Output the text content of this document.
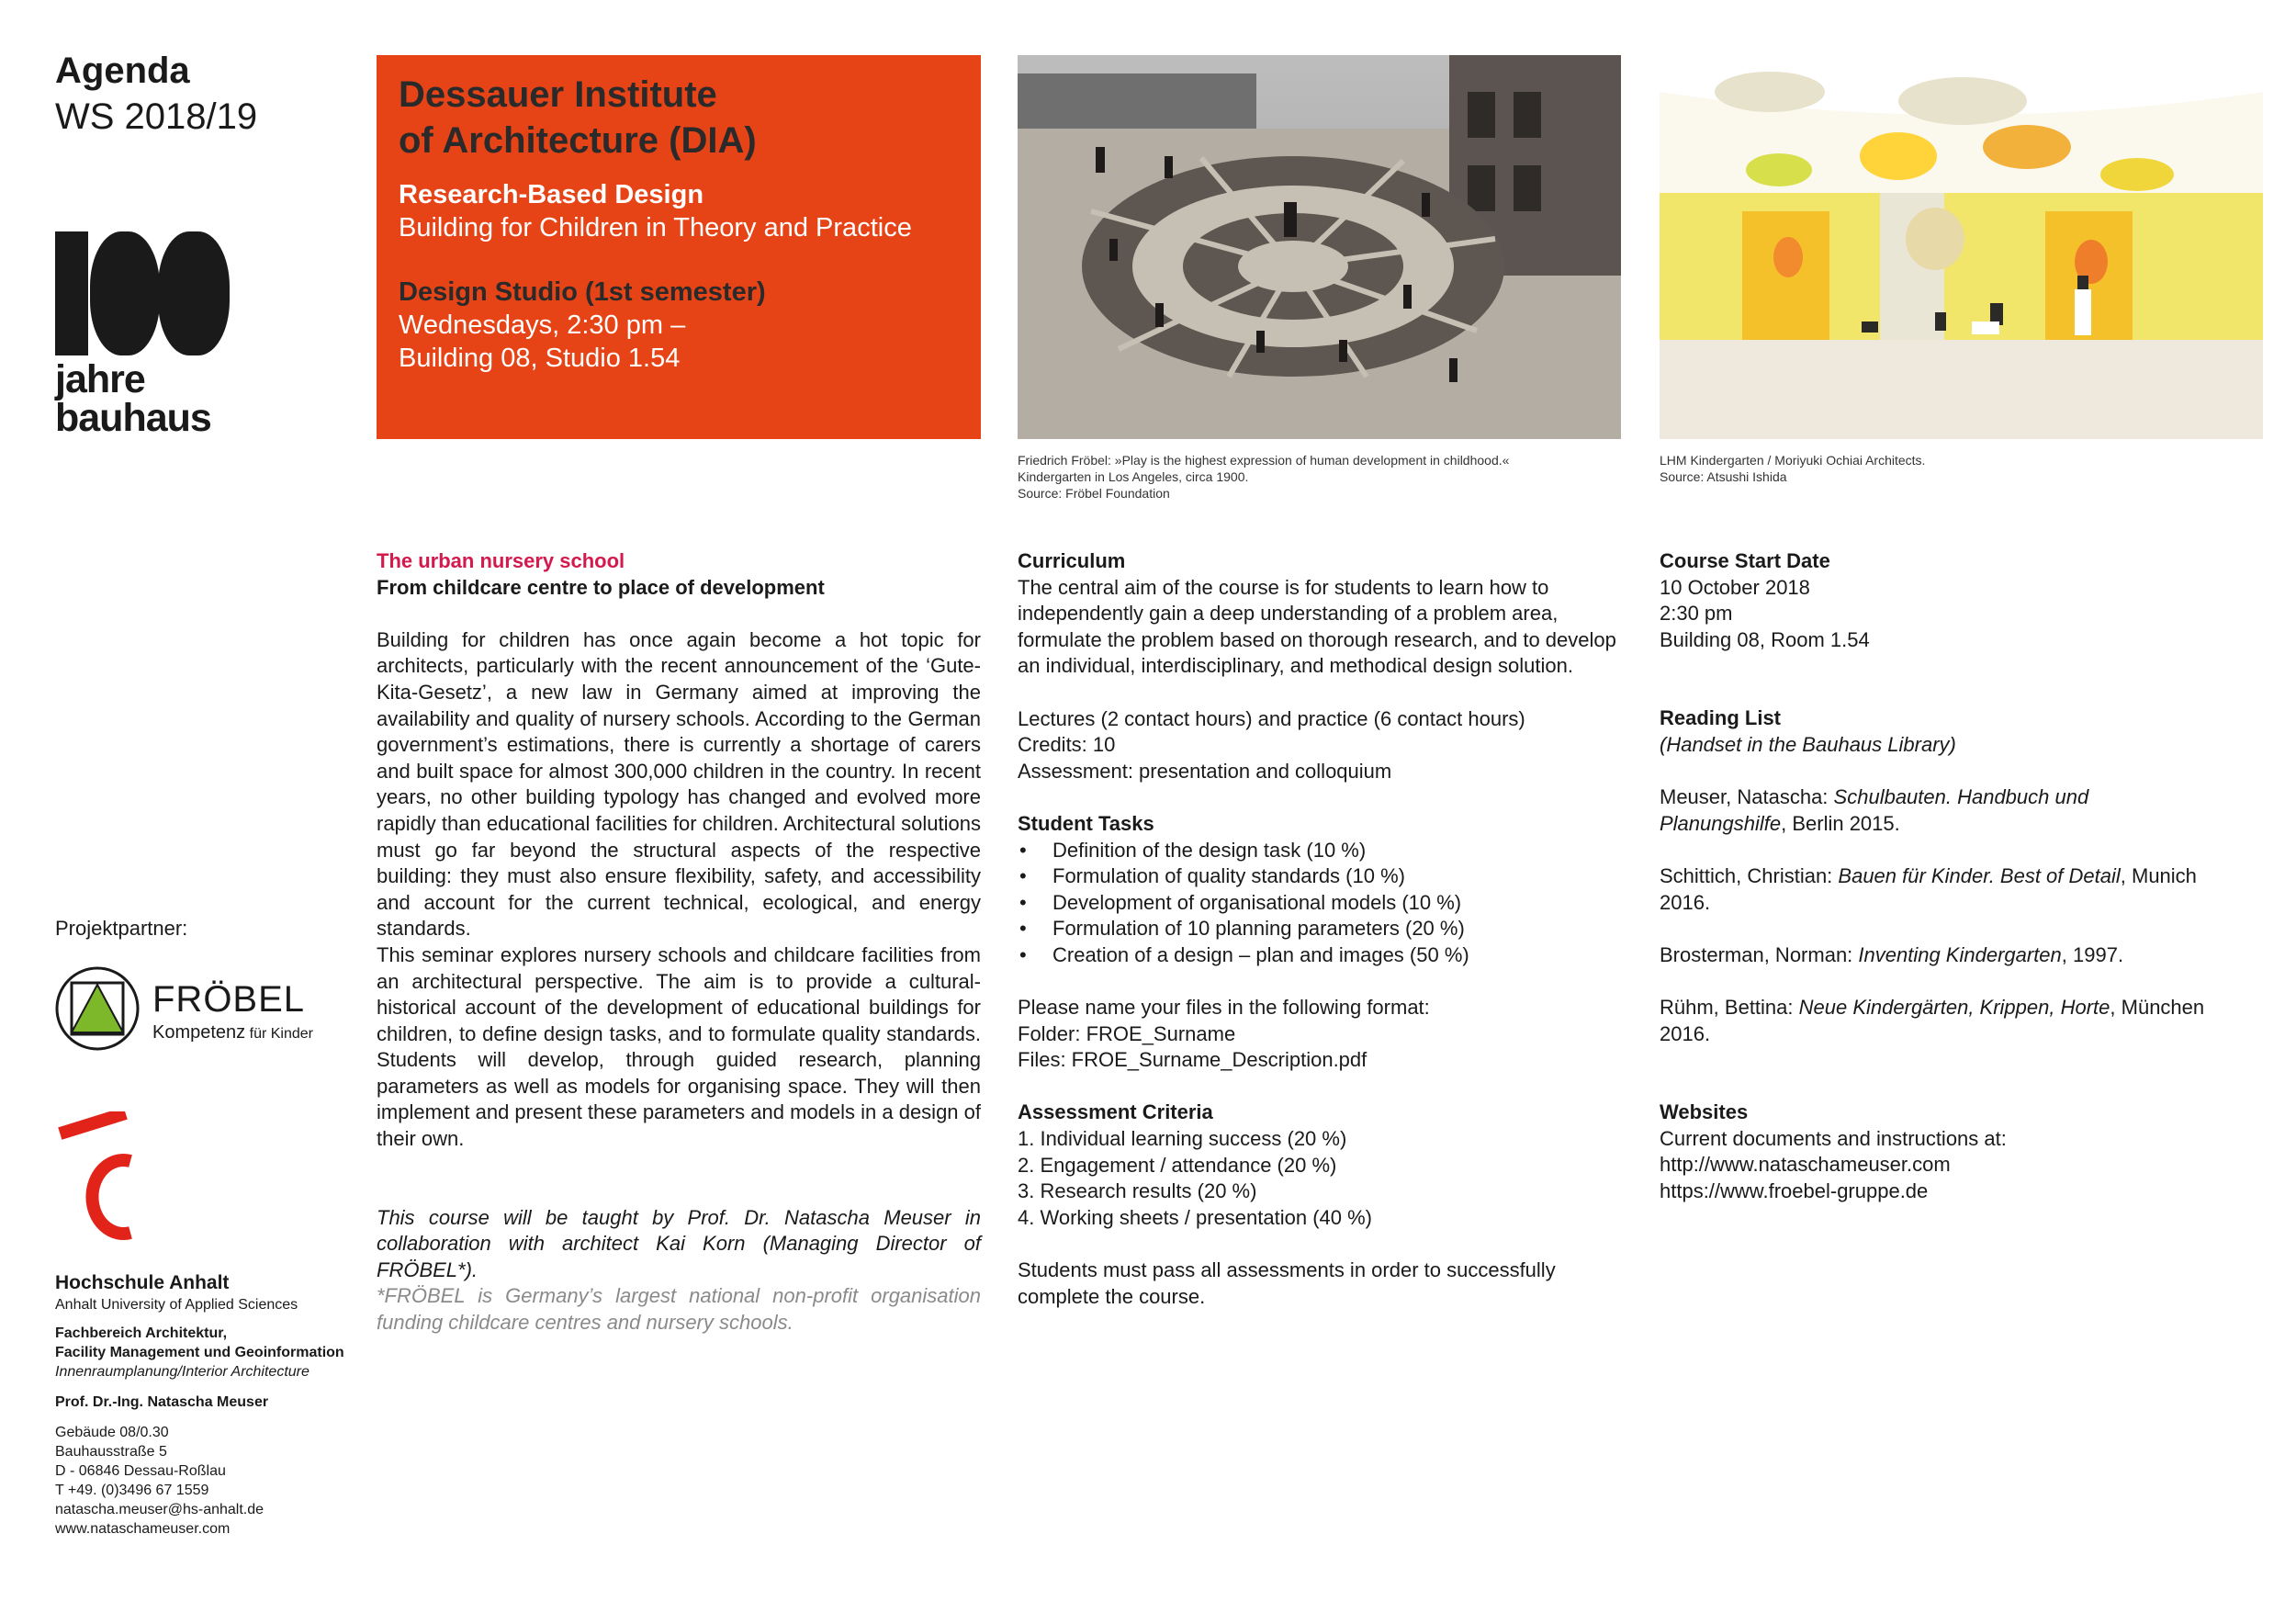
Agenda
WS 2018/19
jahre
bauhaus
Dessauer Institute
of Architecture (DIA)
Research-Based Design
Building for Children in Theory and Practice
Design Studio (1st semester)
Wednesdays, 2:30 pm –
Building 08, Studio 1.54
Friedrich Fröbel: »Play is the highest expression of human development in childhood.«
Kindergarten in Los Angeles, circa 1900.
Source: Fröbel Foundation
LHM Kindergarten / Moriyuki Ochiai Architects.
Source: Atsushi Ishida

The urban nursery school

From childcare centre to place of development

Building for children has once again become a hot topic for architects, particularly with the recent announcement of the ‘Gute-Kita-Gesetz’, a new law in Germany aimed at improving the availability and quality of nursery schools. According to the German government’s estimations, there is currently a shortage of carers and built space for almost 300,000 children in the country. In recent years, no other building typology has changed and evolved more rapidly than educational facilities for children. Architectural solutions must go far beyond the structural aspects of the respective building: they must also ensure flexibility, safety, and accessibility and account for the current technical, ecological, and energy standards.

This seminar explores nursery schools and childcare facilities from an architectural perspective. The aim is to provide a cultural-historical account of the development of educational buildings for children, to define design tasks, and to formulate quality standards. Students will develop, through guided research, planning parameters as well as models for organising space. They will then implement and present these parameters and models in a design of their own.

This course will be taught by Prof. Dr. Natascha Meuser in collaboration with architect Kai Korn (Managing Director of FRÖBEL*).

*FRÖBEL is Germany’s largest national non-profit organisation funding childcare centres and nursery schools.

Curriculum

The central aim of the course is for students to learn how to independently gain a deep understanding of a problem area, formulate the problem based on thorough research, and to develop an individual, interdisciplinary, and methodical design solution.

Lectures (2 contact hours) and practice (6 contact hours)

Credits: 10

Assessment: presentation and colloquium

Student Tasks

• Definition of the design task (10 %)
• Formulation of quality standards (10 %)
• Development of organisational models (10 %)
• Formulation of 10 planning parameters (20 %)
• Creation of a design – plan and images (50 %)

Please name your files in the following format:

Folder: FROE_Surname

Files: FROE_Surname_Description.pdf

Assessment Criteria

1. Individual learning success (20 %)

2. Engagement / attendance (20 %)

3. Research results (20 %)

4. Working sheets / presentation (40 %)

Students must pass all assessments in order to successfully complete the course.

Course Start Date

10 October 2018

2:30 pm

Building 08, Room 1.54

Reading List

(Handset in the Bauhaus Library)

Meuser, Natascha: Schulbauten. Handbuch und Planungshilfe, Berlin 2015.

Schittich, Christian: Bauen für Kinder. Best of Detail, Munich 2016.

Brosterman, Norman: Inventing Kindergarten, 1997.

Rühm, Bettina: Neue Kindergärten, Krippen, Horte, München 2016.

Websites

Current documents and instructions at:

http://www.nataschameuser.com

https://www.froebel-gruppe.de

Projektpartner:
FRÖBEL
Kompetenz für Kinder
Hochschule Anhalt
Anhalt University of Applied Sciences
Fachbereich Architektur,
Facility Management und Geoinformation
Innenraumplanung/Interior Architecture
Prof. Dr.-Ing. Natascha Meuser
Gebäude 08/0.30
Bauhausstraße 5
D - 06846 Dessau-Roßlau
T +49. (0)3496 67 1559
natascha.meuser@hs-anhalt.de
www.nataschameuser.com
